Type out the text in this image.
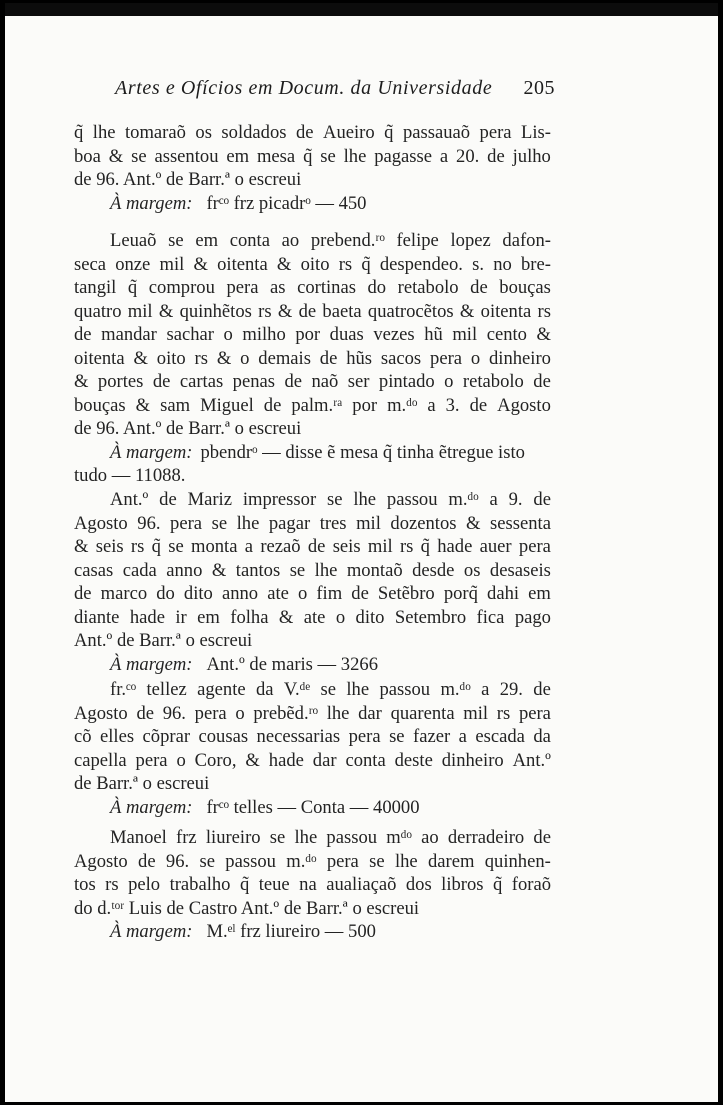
Artes e Ofícios em Docum. da Universidade 205
q̃ lhe tomaraõ os soldados de Aueiro q̃ passauaõ pera Lis-
boa & se assentou em mesa q̃ se lhe pagasse a 20. de julho
de 96. Ant.º de Barr.ª o escreui
À margem: frᶜᵒ frz picadrᵒ — 450
Leuaõ se em conta ao prebend.ʳᵒ felipe lopez dafon-
seca onze mil & oitenta & oito rs q̃ despendeo. s. no bre-
tangil q̃ comprou pera as cortinas do retabolo de bouças
quatro mil & quinhẽtos rs & de baeta quatrocẽtos & oitenta rs
de mandar sachar o milho por duas vezes hũ mil cento &
oitenta & oito rs & o demais de hũs sacos pera o dinheiro
& portes de cartas penas de naõ ser pintado o retabolo de
bouças & sam Miguel de palm.ʳᵃ por m.ᵈᵒ a 3. de Agosto
de 96. Ant.º de Barr.ª o escreui
À margem: pbendrᵒ — disse ẽ mesa q̃ tinha ẽtregue isto
tudo — 11088.
Ant.º de Mariz impressor se lhe passou m.ᵈᵒ a 9. de
Agosto 96. pera se lhe pagar tres mil dozentos & sessenta
& seis rs q̃ se monta a rezaõ de seis mil rs q̃ hade auer pera
casas cada anno & tantos se lhe montaõ desde os desaseis
de marco do dito anno ate o fim de Setẽbro porq̃ dahi em
diante hade ir em folha & ate o dito Setembro fica pago
Ant.º de Barr.ª o escreui
À margem: Ant.º de maris — 3266
fr.ᶜᵒ tellez agente da V.ᵈᵉ se lhe passou m.ᵈᵒ a 29. de
Agosto de 96. pera o prebẽd.ʳᵒ lhe dar quarenta mil rs pera
cõ elles cõprar cousas necessarias pera se fazer a escada da
capella pera o Coro, & hade dar conta deste dinheiro Ant.º
de Barr.ª o escreui
À margem: frᶜᵒ telles — Conta — 40000
Manoel frz liureiro se lhe passou mᵈᵒ ao derradeiro de
Agosto de 96. se passou m.ᵈᵒ pera se lhe darem quinhen-
tos rs pelo trabalho q̃ teue na aualiaçaõ dos libros q̃ foraõ
do d.ᵗᵒʳ Luis de Castro Ant.º de Barr.ª o escreui
À margem: M.ᵉˡ frz liureiro — 500
